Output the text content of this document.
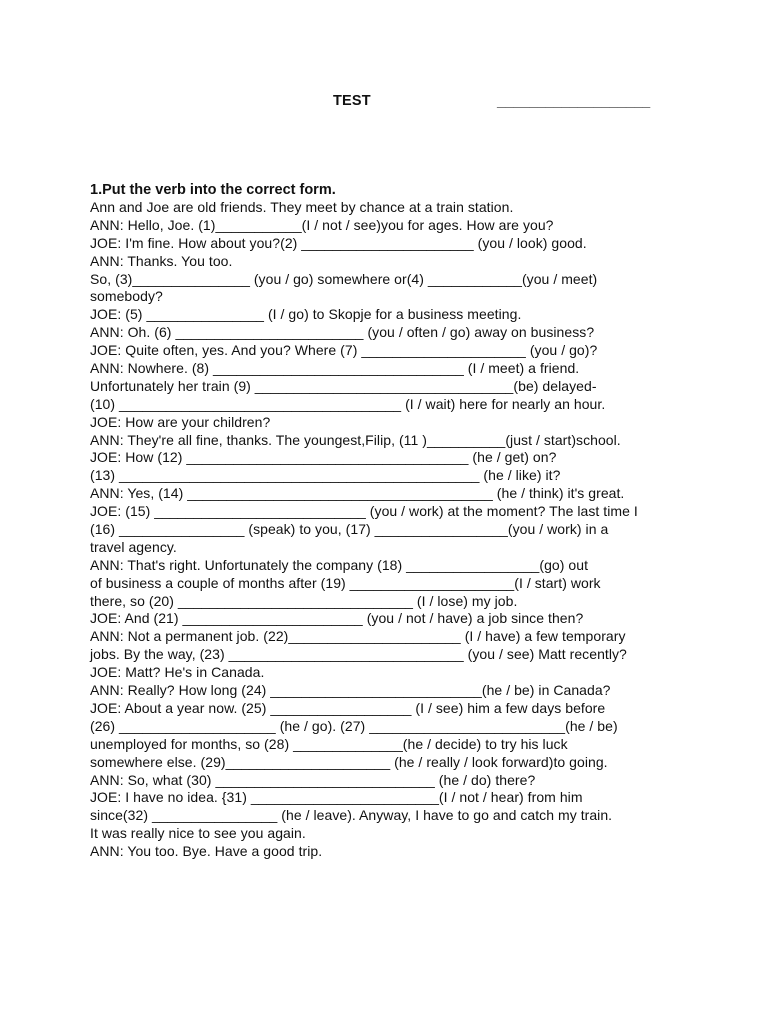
TEST	___________________
1.Put the verb into the correct form.
Ann and Joe are old friends. They meet by chance at a train station.
ANN: Hello, Joe. (1)___________(I / not / see)you for ages. How are you?
JOE: I'm fine. How about you?(2) ______________________ (you / look) good.
ANN: Thanks. You too.
So, (3)_______________ (you / go) somewhere or(4) ____________(you / meet)
somebody?
JOE: (5) _______________ (I / go) to Skopje for a business meeting.
ANN: Oh. (6) ________________________ (you / often / go) away on business?
JOE: Quite often, yes. And you? Where (7) _____________________ (you / go)?
ANN: Nowhere. (8) ________________________________ (I / meet) a friend.
Unfortunately her train (9) _________________________________(be) delayed-
(10) ____________________________________ (I / wait) here for nearly an hour.
JOE: How are your children?
ANN: They're all fine, thanks. The youngest,Filip, (11 )__________(just / start)school.
JOE: How (12) ____________________________________ (he / get) on?
(13) ______________________________________________ (he / like) it?
ANN: Yes, (14) _______________________________________ (he / think) it's great.
JOE: (15) ___________________________ (you / work) at the moment? The last time I
(16) ________________ (speak) to you, (17) _________________(you / work) in a
travel agency.
ANN: That's right. Unfortunately the company (18) _________________(go) out
of business a couple of months after (19) _____________________(I / start) work
there, so (20) ______________________________ (I / lose) my job.
JOE: And (21) _______________________ (you / not / have) a job since then?
ANN: Not a permanent job. (22)______________________ (I / have) a few temporary
jobs. By the way, (23) ______________________________ (you / see) Matt recently?
JOE: Matt? He's in Canada.
ANN: Really? How long (24) ___________________________(he / be) in Canada?
JOE: About a year now. (25) __________________ (I / see) him a few days before
(26) ____________________ (he / go). (27) _________________________(he / be)
unemployed for months, so (28) ______________(he / decide) to try his luck
somewhere else. (29)_____________________ (he / really / look forward)to going.
ANN: So, what (30) ____________________________ (he / do) there?
JOE: I have no idea. {31) ________________________(I / not / hear) from him
since(32) ________________ (he / leave). Anyway, I have to go and catch my train.
It was really nice to see you again.
ANN: You too. Bye. Have a good trip.
